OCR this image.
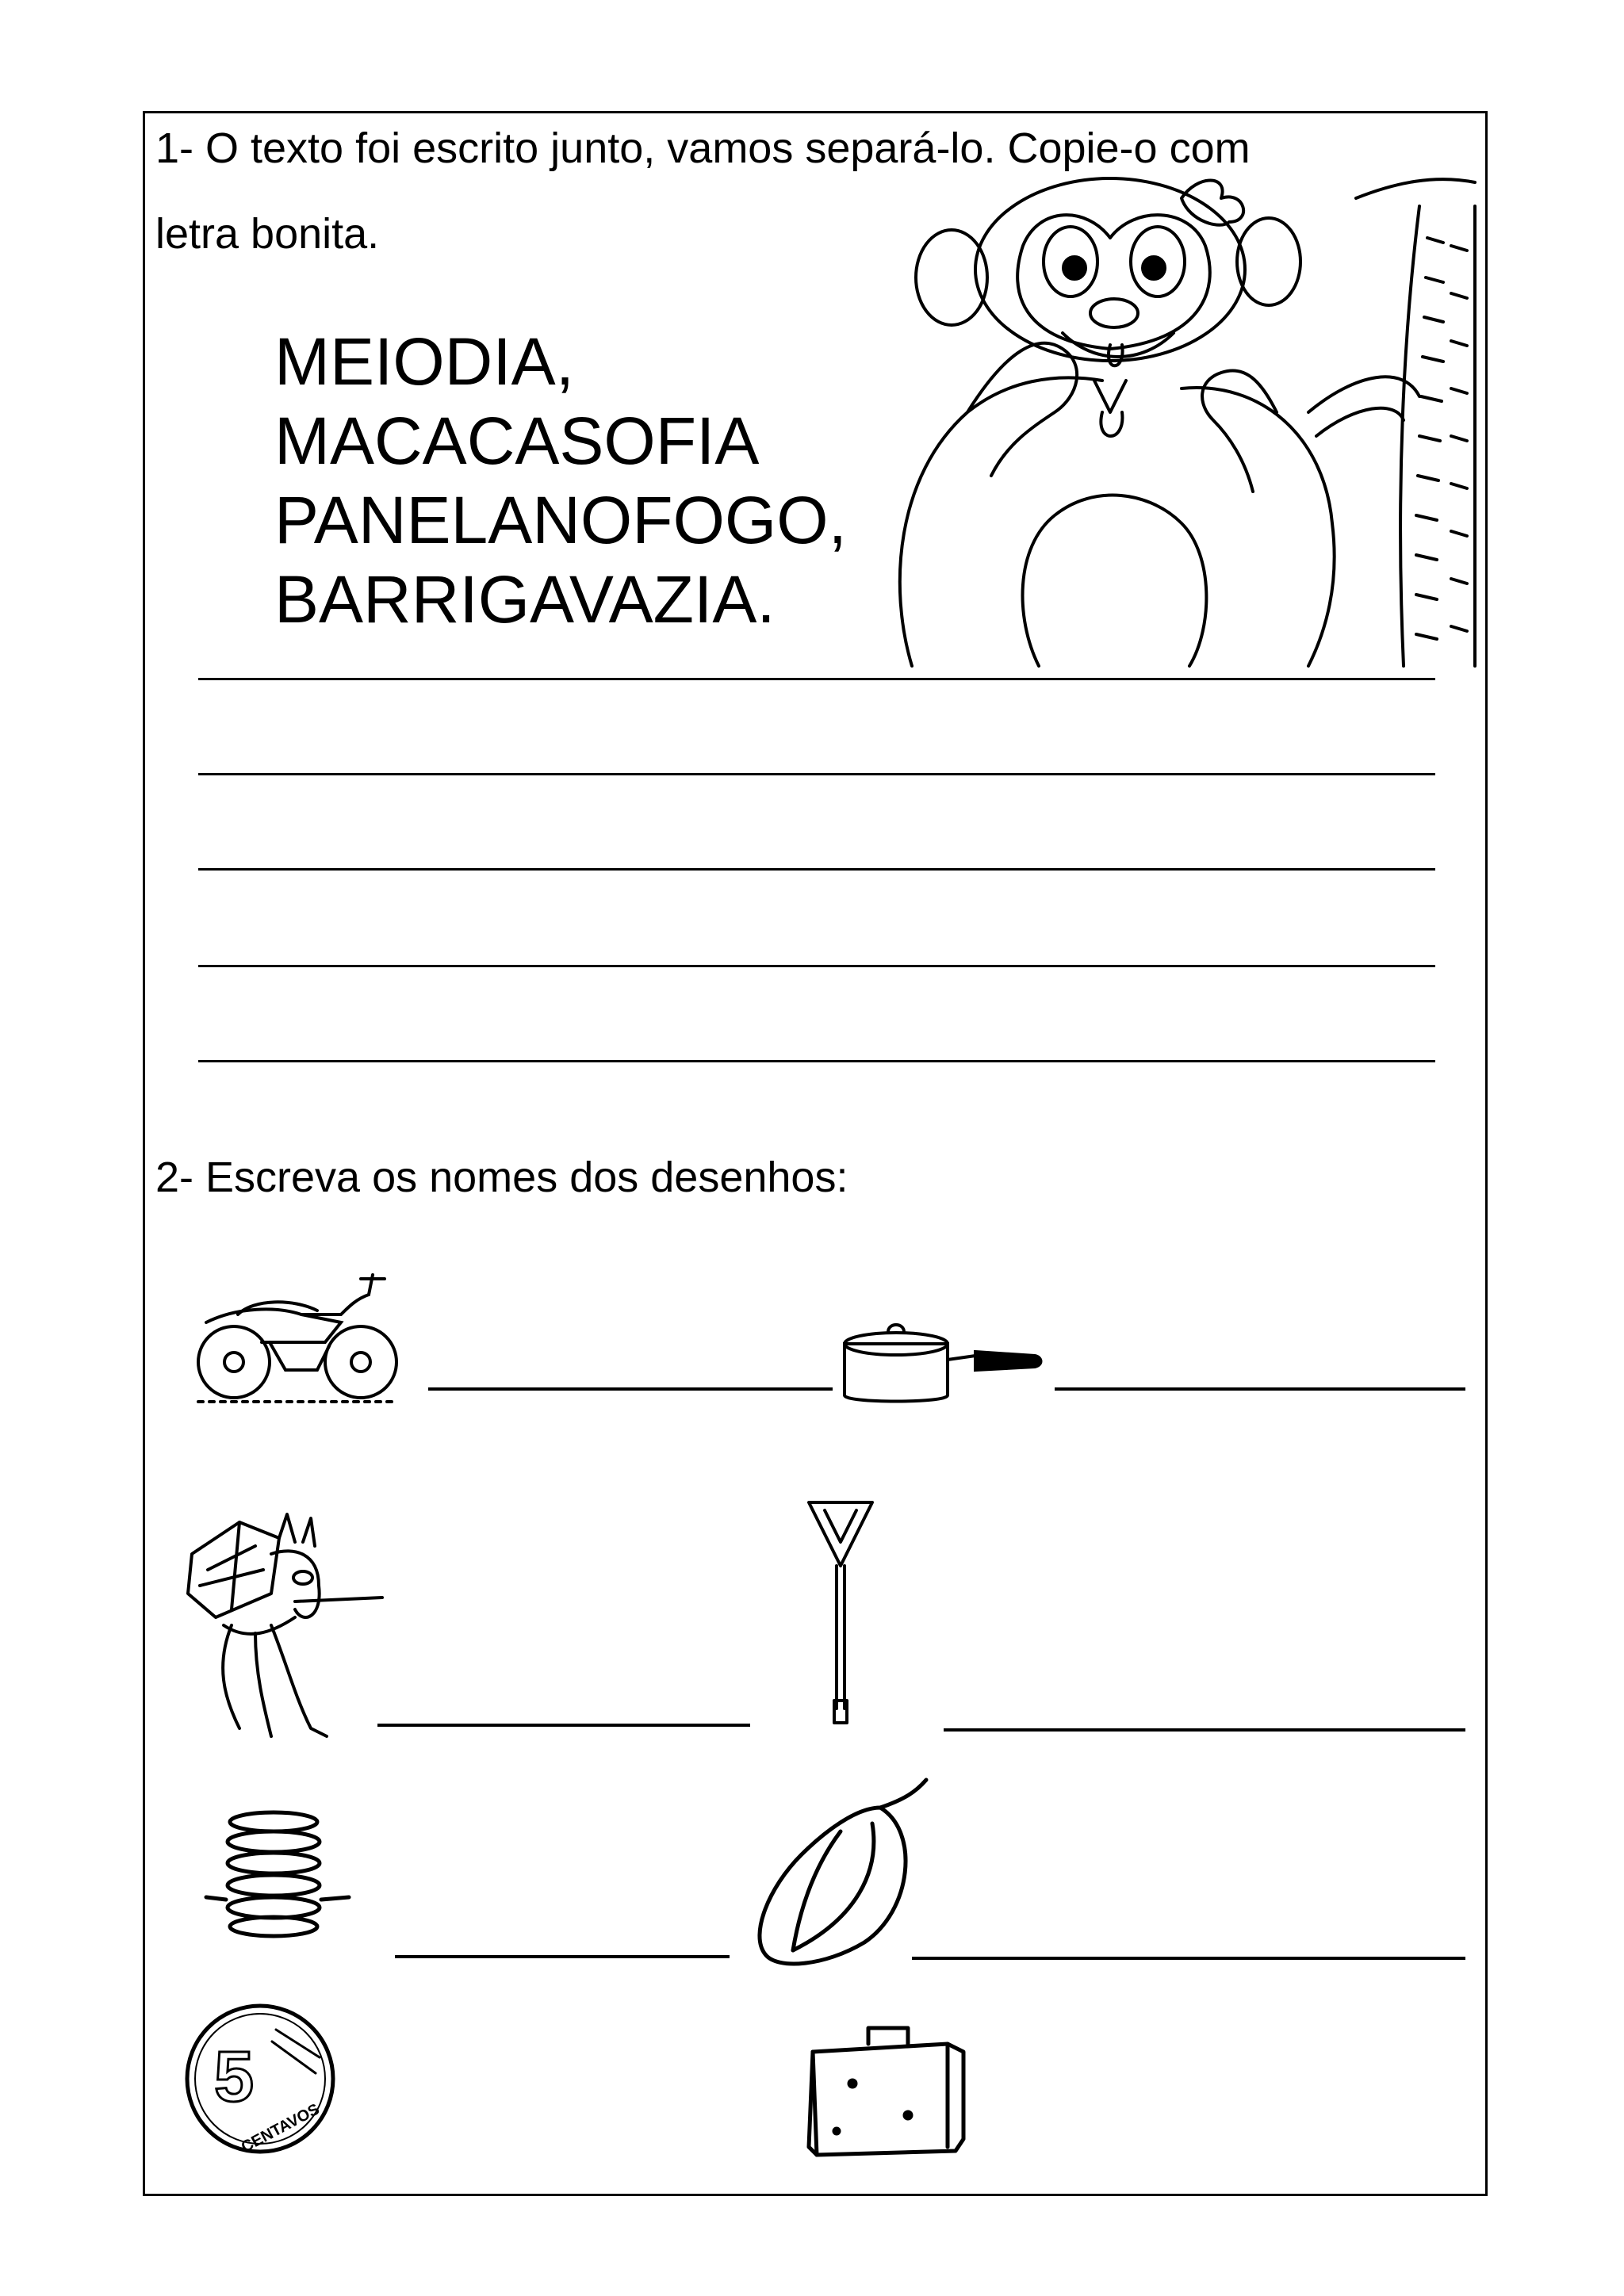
1- O texto foi escrito junto, vamos separá-lo. Copie-o com
letra bonita.
MEIODIA,
MACACASOFIA
PANELANOFOGO,
BARRIGAVAZIA.
2- Escreva os nomes dos desenhos:
5
CENTAVOS
